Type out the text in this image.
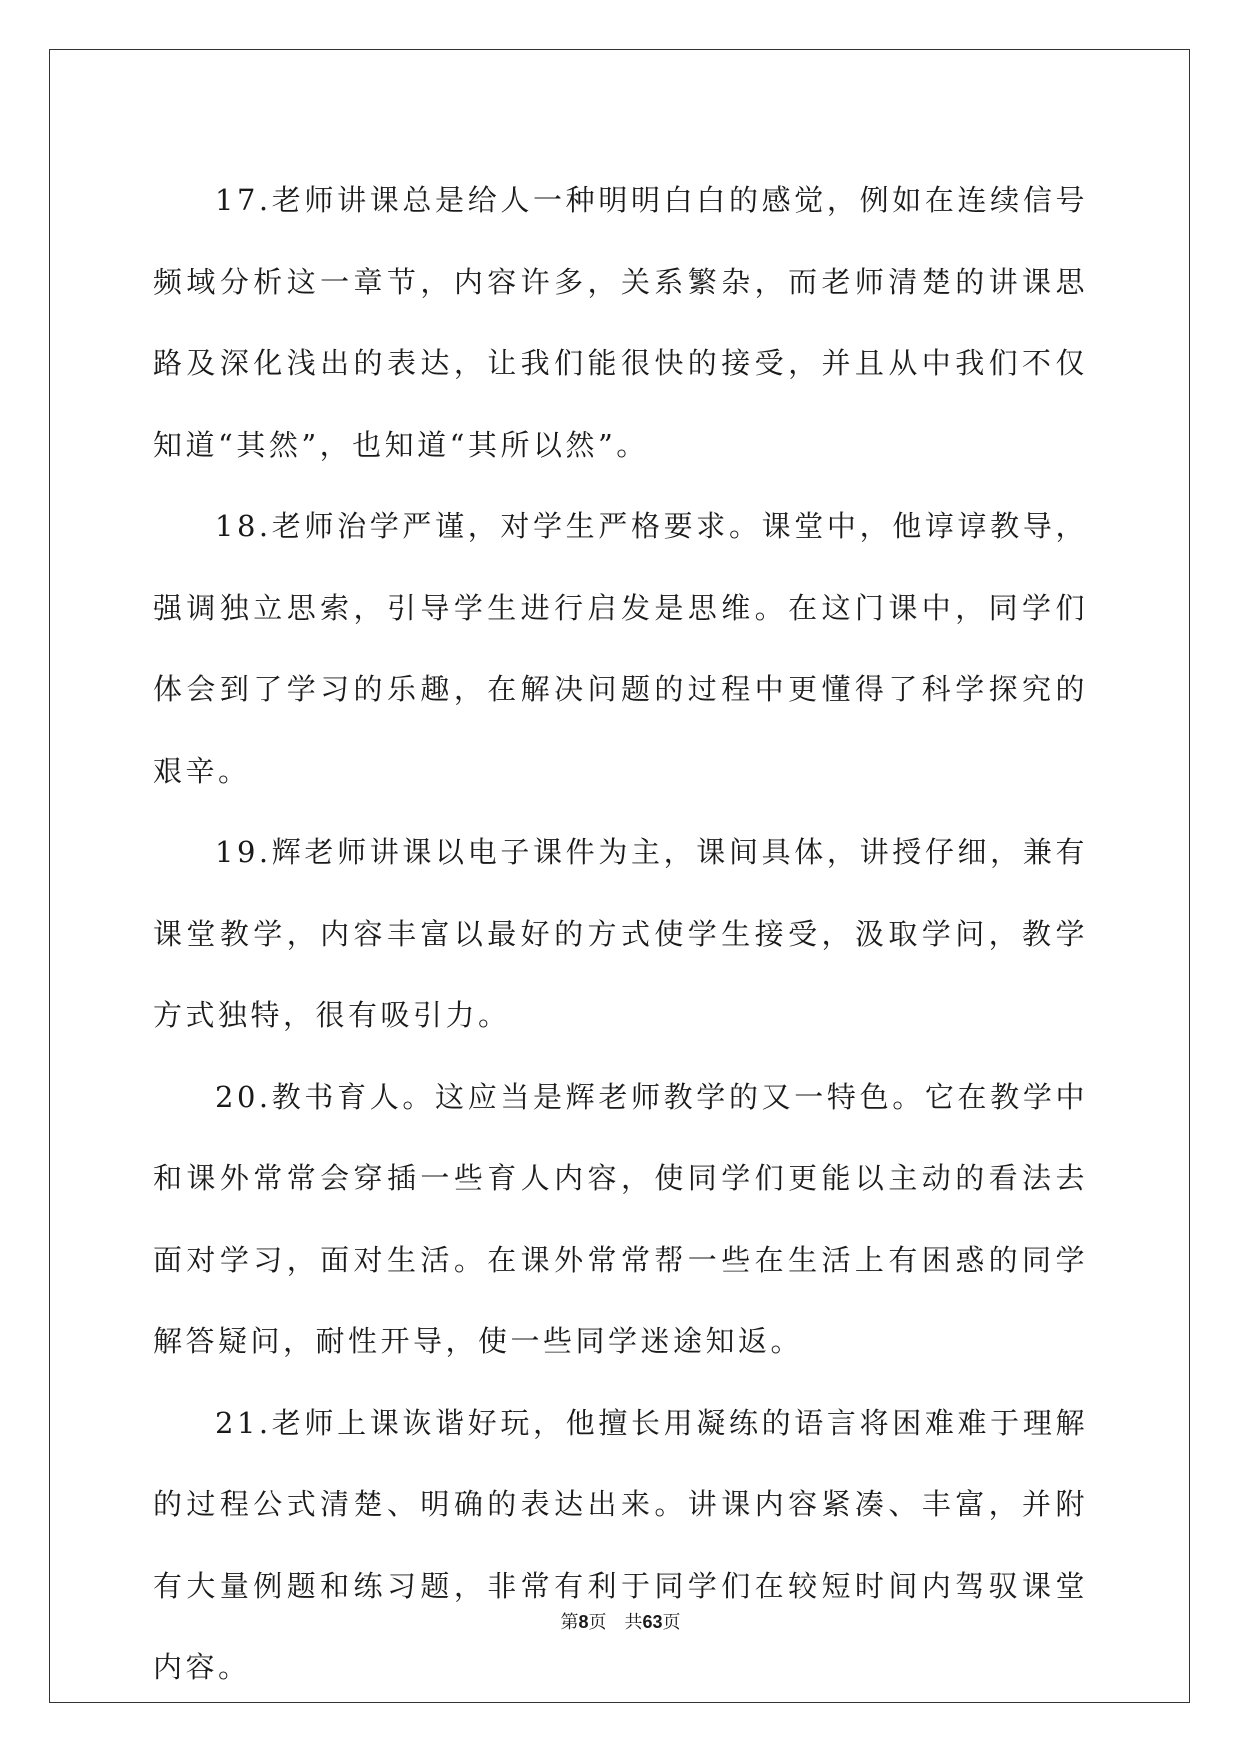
17.老师讲课总是给人一种明明白白的感觉，例如在连续信号频域分析这一章节，内容许多，关系繁杂，而老师清楚的讲课思路及深化浅出的表达，让我们能很快的接受，并且从中我们不仅知道“其然”，也知道“其所以然”。

18.老师治学严谨，对学生严格要求。课堂中，他谆谆教导，强调独立思索，引导学生进行启发是思维。在这门课中，同学们体会到了学习的乐趣，在解决问题的过程中更懂得了科学探究的艰辛。

19.辉老师讲课以电子课件为主，课间具体，讲授仔细，兼有课堂教学，内容丰富以最好的方式使学生接受，汲取学问，教学方式独特，很有吸引力。

20.教书育人。这应当是辉老师教学的又一特色。它在教学中和课外常常会穿插一些育人内容，使同学们更能以主动的看法去面对学习，面对生活。在课外常常帮一些在生活上有困惑的同学解答疑问，耐性开导，使一些同学迷途知返。

21.老师上课诙谐好玩，他擅长用凝练的语言将困难难于理解的过程公式清楚、明确的表达出来。讲课内容紧凑、丰富，并附有大量例题和练习题，非常有利于同学们在较短时间内驾驭课堂内容。

第8页 共63页
